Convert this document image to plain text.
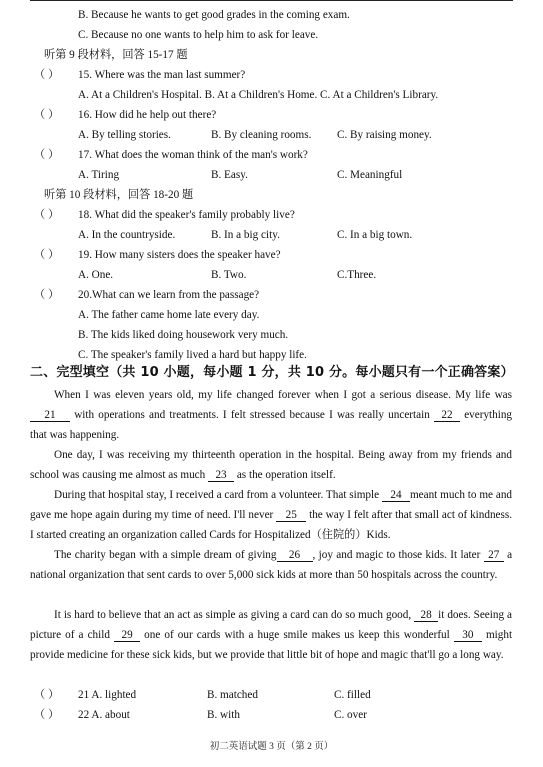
B. Because he wants to get good grades in the coming exam.
C. Because no one wants to help him to ask for leave.
听第 9 段材料，回答 15-17 题
（ ） 15. Where was the man last summer?
A. At a Children's Hospital. B. At a Children's Home. C. At a Children's Library.
（ ） 16. How did he help out there?
A. By telling stories.	B. By cleaning rooms. C. By raising money.
（ ） 17. What does the woman think of the man's work?
A. Tiring	B. Easy.	C. Meaningful
听第 10 段材料，回答 18-20 题
（ ） 18. What did the speaker's family probably live?
A. In the countryside.	B. In a big city.	C. In a big town.
（ ） 19. How many sisters does the speaker have?
A. One.	B. Two.	C.Three.
（ ） 20.What can we learn from the passage?
A. The father came home late every day.
B. The kids liked doing housework very much.
C. The speaker's family lived a hard but happy life.
二、完型填空（共 10 小题，每小题 1 分，共 10 分。每小题只有一个正确答案）
When I was eleven years old, my life changed forever when I got a serious disease. My life was21 with operations and treatments. I felt stressed because I was really uncertain 22 everything that was happening.
One day, I was receiving my thirteenth operation in the hospital. Being away from my friends and school was causing me almost as much 23 as the operation itself.
During that hospital stay, I received a card from a volunteer. That simple 24 meant much to me and gave me hope again during my time of need. I'll never 25 the way I felt after that small act of kindness. I started creating an organization called Cards for Hospitalized（住院的）Kids.
The charity began with a simple dream of giving 26 , joy and magic to those kids. It later 27 a national organization that sent cards to over 5,000 sick kids at more than 50 hospitals across the country.
It is hard to believe that an act as simple as giving a card can do so much good, 28 it does. Seeing a picture of a child 29 one of our cards with a huge smile makes us keep this wonderful 30 might provide medicine for these sick kids, but we provide that little bit of hope and magic that'll go a long way.
（ ） 21 A. lighted	B. matched	C. filled
（ ） 22 A. about	B. with	C. over
初二英语试题 3 页（第 2 页）
